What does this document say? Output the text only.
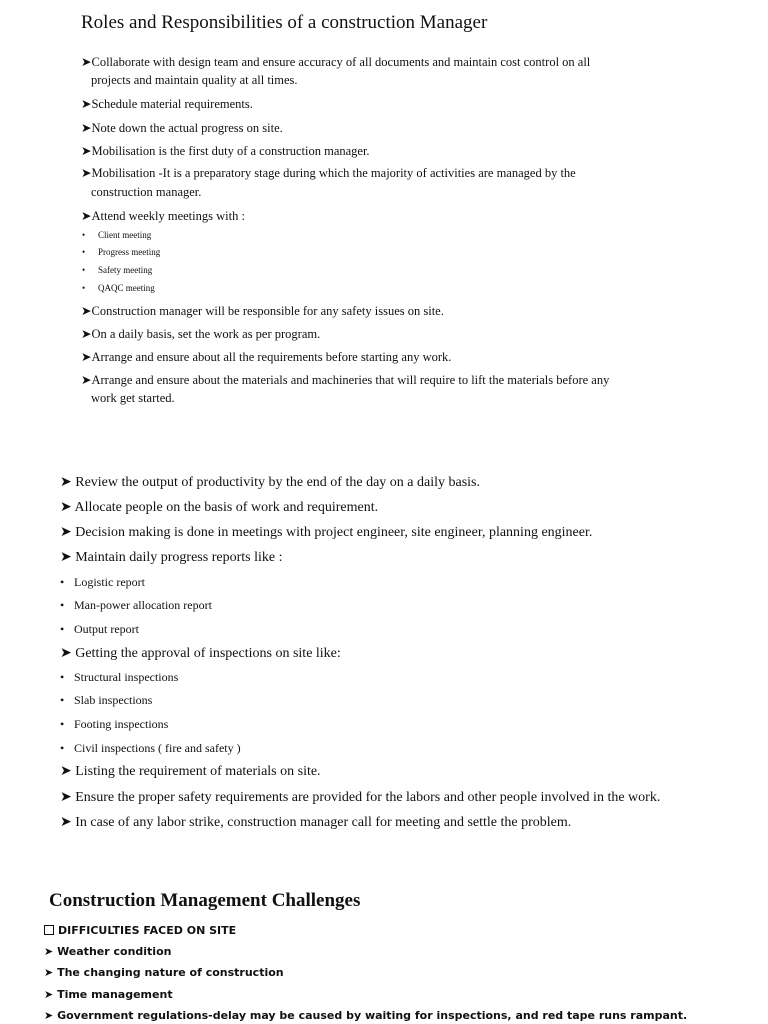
Roles and Responsibilities of a construction Manager
➤Collaborate with design team and ensure accuracy of all documents and maintain cost control on all
projects and maintain quality at all times.
➤Schedule material requirements.
➤Note down the actual progress on site.
➤Mobilisation is the first duty of a construction manager.
➤Mobilisation -It is a preparatory stage during which the majority of activities are managed by the
construction manager.
➤Attend weekly meetings with :
• Client meeting
• Progress meeting
• Safety meeting
• QAQC meeting
➤Construction manager will be responsible for any safety issues on site.
➤On a daily basis, set the work as per program.
➤Arrange and ensure about all the requirements before starting any work.
➤Arrange and ensure about the materials and machineries that will require to lift the materials before any
work get started.
➤ Review the output of productivity by the end of the day on a daily basis.
➤ Allocate people on the basis of work and requirement.
➤ Decision making is done in meetings with project engineer, site engineer, planning engineer.
➤ Maintain daily progress reports like :
• Logistic report
• Man-power allocation report
• Output report
➤ Getting the approval of inspections on site like:
• Structural inspections
• Slab inspections
• Footing inspections
• Civil inspections ( fire and safety )
➤ Listing the requirement of materials on site.
➤ Ensure the proper safety requirements are provided for the labors and other people involved in the work.
➤ In case of any labor strike, construction manager call for meeting and settle the problem.
Construction Management Challenges
DIFFICULTIES FACED ON SITE
➤ Weather condition
➤ The changing nature of construction
➤ Time management
➤ Government regulations-delay may be caused by waiting for inspections, and red tape runs rampant.
